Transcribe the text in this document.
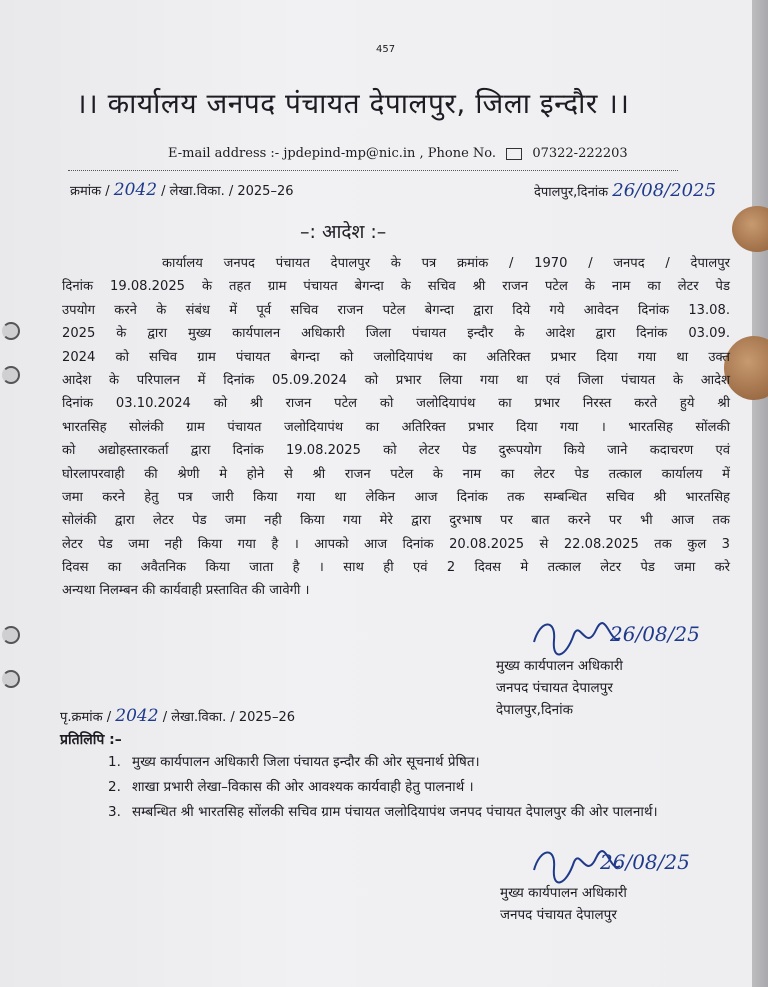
457
।। कार्यालय जनपद पंचायत देपालपुर, जिला इन्दौर ।।
E-mail address :- jpdepind-mp@nic.in , Phone No.	07322-222203
क्रमांक / 2042 / लेखा.विका. / 2025–26	देपालपुर,दिनांक 26/08/2025
–: आदेश :–
कार्यालय जनपद पंचायत देपालपुर के पत्र क्रमांक / 1970 / जनपद / देपालपुर
दिनांक 19.08.2025 के तहत ग्राम पंचायत बेगन्दा के सचिव श्री राजन पटेल के नाम का लेटर पेड
उपयोग करने के संबंध में पूर्व सचिव राजन पटेल बेगन्दा द्वारा दिये गये आवेदन दिनांक 13.08.
2025 के द्वारा मुख्य कार्यपालन अधिकारी जिला पंचायत इन्दौर के आदेश द्वारा दिनांक 03.09.
2024 को सचिव ग्राम पंचायत बेगन्दा को जलोदियापंथ का अतिरिक्त प्रभार दिया गया था उक्त
आदेश के परिपालन में दिनांक 05.09.2024 को प्रभार लिया गया था एवं जिला पंचायत के आदेश
दिनांक 03.10.2024 को श्री राजन पटेल को जलोदियापंथ का प्रभार निरस्त करते हुये श्री
भारतसिह सोलंकी ग्राम पंचायत जलोदियापंथ का अतिरिक्त प्रभार दिया गया । भारतसिह सोंलकी
को अद्योहस्तारकर्ता द्वारा दिनांक 19.08.2025 को लेटर पेड दुरूपयोग किये जाने कदाचरण एवं
घोरलापरवाही की श्रेणी मे होने से श्री राजन पटेल के नाम का लेटर पेड तत्काल कार्यालय में
जमा करने हेतु पत्र जारी किया गया था लेकिन आज दिनांक तक सम्बन्धित सचिव श्री भारतसिह
सोलंकी द्वारा लेटर पेड जमा नही किया गया मेरे द्वारा दुरभाष पर बात करने पर भी आज तक
लेटर पेड जमा नही किया गया है । आपको आज दिनांक 20.08.2025 से 22.08.2025 तक कुल 3
दिवस का अवैतनिक किया जाता है । साथ ही एवं 2 दिवस मे तत्काल लेटर पेड जमा करे
अन्यथा निलम्बन की कार्यवाही प्रस्तावित की जावेगी ।
26/08/25
मुख्य कार्यपालन अधिकारी
जनपद पंचायत देपालपुर
देपालपुर,दिनांक
पृ.क्रमांक / 2042 / लेखा.विका. / 2025–26
प्रतिलिपि :–
1. मुख्य कार्यपालन अधिकारी जिला पंचायत इन्दौर की ओर सूचनार्थ प्रेषित।
2. शाखा प्रभारी लेखा–विकास की ओर आवश्यक कार्यवाही हेतु पालनार्थ ।
3. सम्बन्धित श्री भारतसिह सोंलकी सचिव ग्राम पंचायत जलोदियापंथ जनपद पंचायत देपालपुर की ओर पालनार्थ।
26/08/25
मुख्य कार्यपालन अधिकारी
जनपद पंचायत देपालपुर
